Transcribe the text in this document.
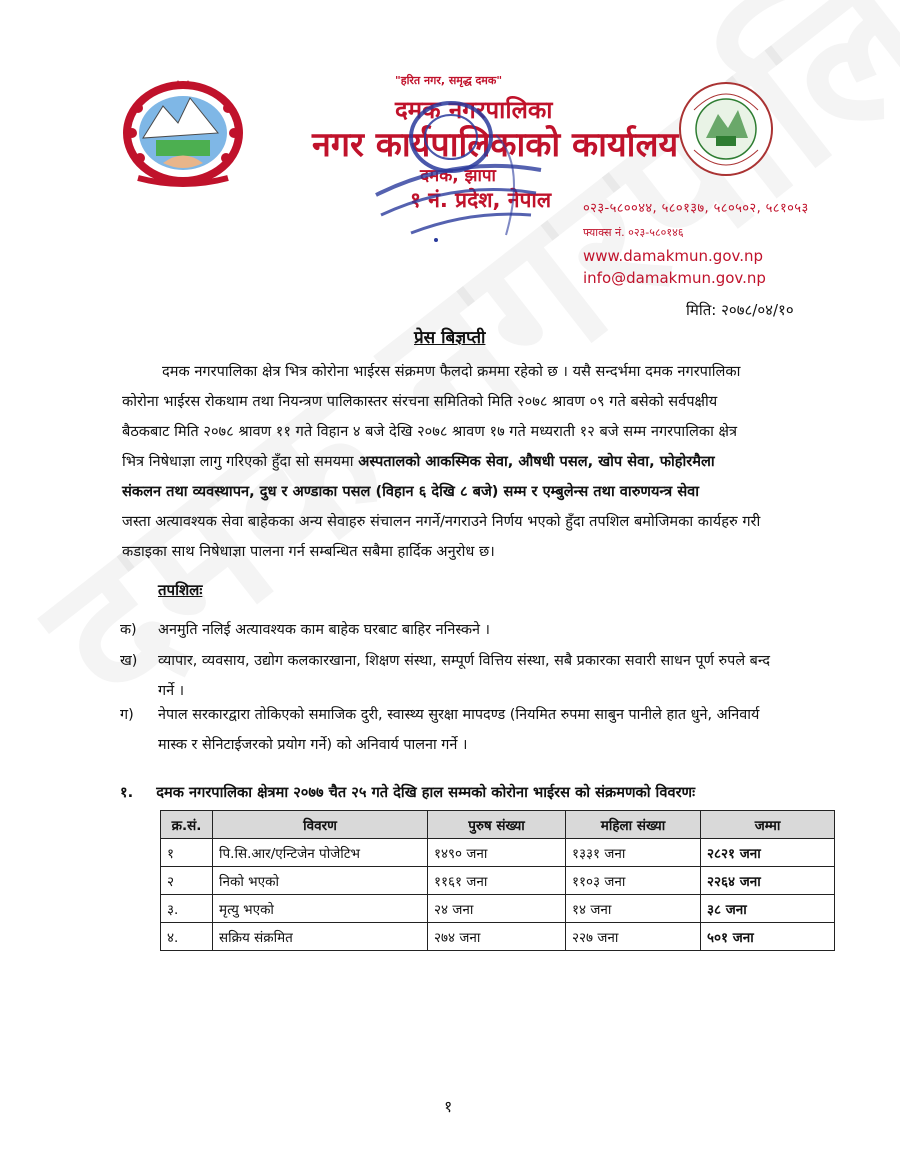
"हरित नगर, समृद्ध दमक"
दमक नगरपालिका
नगर कार्यपालिकाको कार्यालय
दमक, झापा
१ नं. प्रदेश, नेपाल ०२३-५८००४४, ५८०१३७, ५८०५०२, ५८१०५३
फ्याक्स नं. ०२३-५८०१४६
www.damakmun.gov.np
info@damakmun.gov.np
मिति: २०७८/०४/१०
प्रेस बिज्ञप्ती
दमक नगरपालिका क्षेत्र भित्र कोरोना भाईरस संक्रमण फैलदो क्रममा रहेको छ । यसै सन्दर्भमा दमक नगरपालिका
कोरोना भाईरस रोकथाम तथा नियन्त्रण पालिकास्तर संरचना समितिको मिति २०७८ श्रावण ०९ गते बसेको सर्वपक्षीय
बैठकबाट मिति २०७८ श्रावण ११ गते विहान ४ बजे देखि २०७८ श्रावण १७ गते मध्यराती १२ बजे सम्म नगरपालिका क्षेत्र
भित्र निषेधाज्ञा लागु गरिएको हुँदा सो समयमा अस्पतालको आकस्मिक सेवा, औषधी पसल, खोप सेवा, फोहोरमैला
संकलन तथा व्यवस्थापन, दुध र अण्डाका पसल (विहान ६ देखि ८ बजे) सम्म र एम्बुलेन्स तथा वारुणयन्त्र सेवा
जस्ता अत्यावश्यक सेवा बाहेकका अन्य सेवाहरु संचालन नगर्ने/नगराउने निर्णय भएको हुँदा तपशिल बमोजिमका कार्यहरु गरी
कडाइका साथ निषेधाज्ञा पालना गर्न सम्बन्धित सबैमा हार्दिक अनुरोध छ।
तपशिलः
क) अनमुति नलिई अत्यावश्यक काम बाहेक घरबाट बाहिर ननिस्कने ।
ख) व्यापार, व्यवसाय, उद्योग कलकारखाना, शिक्षण संस्था, सम्पूर्ण वित्तिय संस्था, सबै प्रकारका सवारी साधन पूर्ण रुपले बन्द
गर्ने ।
ग) नेपाल सरकारद्वारा तोकिएको समाजिक दुरी, स्वास्थ्य सुरक्षा मापदण्ड (नियमित रुपमा साबुन पानीले हात धुने, अनिवार्य
मास्क र सेनिटाईजरको प्रयोग गर्ने) को अनिवार्य पालना गर्ने ।
१. दमक नगरपालिका क्षेत्रमा २०७७ चैत २५ गते देखि हाल सम्मको कोरोना भाईरस को संक्रमणको विवरणः
क्र.सं.	विवरण	पुरुष संख्या	महिला संख्या	जम्मा
१	पि.सि.आर/एन्टिजेन पोजेटिभ	१४९० जना	१३३१ जना	२८२१ जना
२	निको भएको	११६१ जना	११०३ जना	२२६४ जना
३.	मृत्यु भएको	२४ जना	१४ जना	३८ जना
४.	सक्रिय संक्रमित	२७४ जना	२२७ जना	५०१ जना
१
